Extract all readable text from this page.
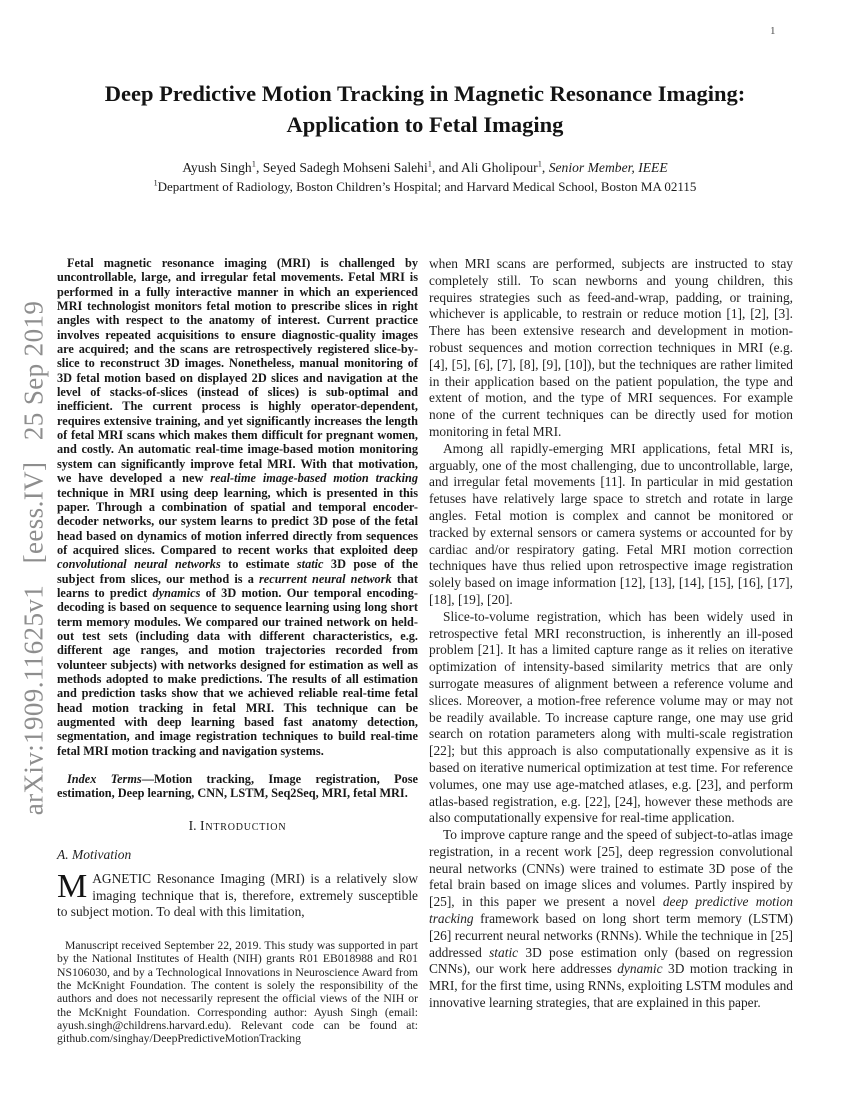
1
arXiv:1909.11625v1   [eess.IV]   25 Sep 2019
Deep Predictive Motion Tracking in Magnetic Resonance Imaging:
Application to Fetal Imaging
Ayush Singh$^1$, Seyed Sadegh Mohseni Salehi$^1$, and Ali Gholipour$^1$, Senior Member, IEEE
$^1$Department of Radiology, Boston Children’s Hospital; and Harvard Medical School, Boston MA 02115
Fetal magnetic resonance imaging (MRI) is challenged by uncontrollable, large, and irregular fetal movements. Fetal MRI is performed in a fully interactive manner in which an experienced MRI technologist monitors fetal motion to prescribe slices in right angles with respect to the anatomy of interest. Current practice involves repeated acquisitions to ensure diagnostic-quality images are acquired; and the scans are retrospectively registered slice-by-slice to reconstruct 3D images. Nonetheless, manual monitoring of 3D fetal motion based on displayed 2D slices and navigation at the level of stacks-of-slices (instead of slices) is sub-optimal and inefficient. The current process is highly operator-dependent, requires extensive training, and yet significantly increases the length of fetal MRI scans which makes them difficult for pregnant women, and costly. An automatic real-time image-based motion monitoring system can significantly improve fetal MRI. With that motivation, we have developed a new real-time image-based motion tracking technique in MRI using deep learning, which is presented in this paper. Through a combination of spatial and temporal encoder-decoder networks, our system learns to predict 3D pose of the fetal head based on dynamics of motion inferred directly from sequences of acquired slices. Compared to recent works that exploited deep convolutional neural networks to estimate static 3D pose of the subject from slices, our method is a recurrent neural network that learns to predict dynamics of 3D motion. Our temporal encoding-decoding is based on sequence to sequence learning using long short term memory modules. We compared our trained network on held-out test sets (including data with different characteristics, e.g. different age ranges, and motion trajectories recorded from volunteer subjects) with networks designed for estimation as well as methods adopted to make predictions. The results of all estimation and prediction tasks show that we achieved reliable real-time fetal head motion tracking in fetal MRI. This technique can be augmented with deep learning based fast anatomy detection, segmentation, and image registration techniques to build real-time fetal MRI motion tracking and navigation systems.
Index Terms—Motion tracking, Image registration, Pose estimation, Deep learning, CNN, LSTM, Seq2Seq, MRI, fetal MRI.
I. Introduction
A. Motivation
MAGNETIC Resonance Imaging (MRI) is a relatively slow imaging technique that is, therefore, extremely susceptible to subject motion. To deal with this limitation,
Manuscript received September 22, 2019. This study was supported in part by the National Institutes of Health (NIH) grants R01 EB018988 and R01 NS106030, and by a Technological Innovations in Neuroscience Award from the McKnight Foundation. The content is solely the responsibility of the authors and does not necessarily represent the official views of the NIH or the McKnight Foundation. Corresponding author: Ayush Singh (email: ayush.singh@childrens.harvard.edu). Relevant code can be found at: github.com/singhay/DeepPredictiveMotionTracking

when MRI scans are performed, subjects are instructed to stay completely still. To scan newborns and young children, this requires strategies such as feed-and-wrap, padding, or training, whichever is applicable, to restrain or reduce motion [1], [2], [3]. There has been extensive research and development in motion-robust sequences and motion correction techniques in MRI (e.g. [4], [5], [6], [7], [8], [9], [10]), but the techniques are rather limited in their application based on the patient population, the type and extent of motion, and the type of MRI sequences. For example none of the current techniques can be directly used for motion monitoring in fetal MRI.

Among all rapidly-emerging MRI applications, fetal MRI is, arguably, one of the most challenging, due to uncontrollable, large, and irregular fetal movements [11]. In particular in mid gestation fetuses have relatively large space to stretch and rotate in large angles. Fetal motion is complex and cannot be monitored or tracked by external sensors or camera systems or accounted for by cardiac and/or respiratory gating. Fetal MRI motion correction techniques have thus relied upon retrospective image registration solely based on image information [12], [13], [14], [15], [16], [17], [18], [19], [20].

Slice-to-volume registration, which has been widely used in retrospective fetal MRI reconstruction, is inherently an ill-posed problem [21]. It has a limited capture range as it relies on iterative optimization of intensity-based similarity metrics that are only surrogate measures of alignment between a reference volume and slices. Moreover, a motion-free reference volume may or may not be readily available. To increase capture range, one may use grid search on rotation parameters along with multi-scale registration [22]; but this approach is also computationally expensive as it is based on iterative numerical optimization at test time. For reference volumes, one may use age-matched atlases, e.g. [23], and perform atlas-based registration, e.g. [22], [24], however these methods are also computationally expensive for real-time application.

To improve capture range and the speed of subject-to-atlas image registration, in a recent work [25], deep regression convolutional neural networks (CNNs) were trained to estimate 3D pose of the fetal brain based on image slices and volumes. Partly inspired by [25], in this paper we present a novel deep predictive motion tracking framework based on long short term memory (LSTM) [26] recurrent neural networks (RNNs). While the technique in [25] addressed static 3D pose estimation only (based on regression CNNs), our work here addresses dynamic 3D motion tracking in MRI, for the first time, using RNNs, exploiting LSTM modules and innovative learning strategies, that are explained in this paper.
